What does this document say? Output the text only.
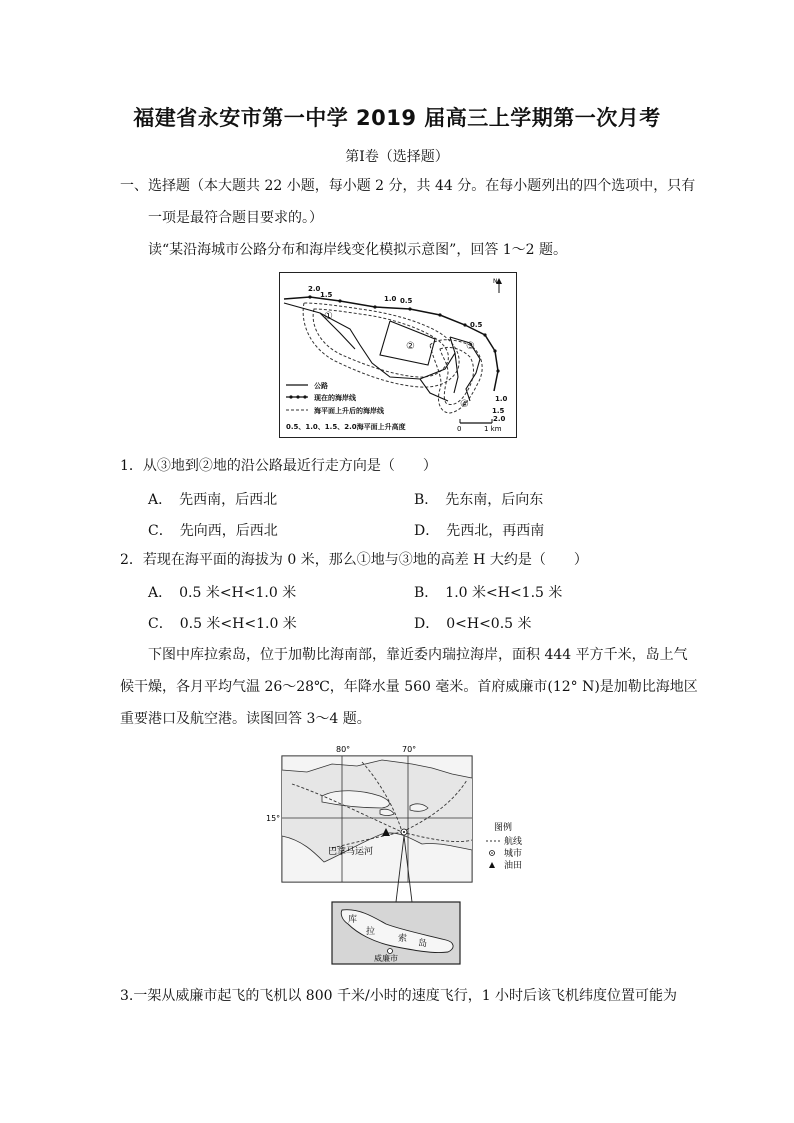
福建省永安市第一中学 2019 届高三上学期第一次月考
第Ⅰ卷（选择题）
一、选择题（本大题共 22 小题，每小题 2 分，共 44 分。在每小题列出的四个选项中，只有
一项是最符合题目要求的。）
读“某沿海城市公路分布和海岸线变化模拟示意图”，回答 1～2 题。
2.0
1.5	1.0 0.5
0.5
1.0
1.5
2.0
①
②	③
④
N
公路
现在的海岸线
海平面上升后的海岸线
0.5、1.0、1.5、2.0海平面上升高度	0	1 km
1．从③地到②地的沿公路最近行走方向是（　　）
A．　先西南，后西北	B．　先东南，后向东
C．　先向西，后西北	D．　先西北，再西南
2．若现在海平面的海拔为 0 米，那么①地与③地的高差 H 大约是（　　）
A．　0.5 米<H<1.0 米	B．　1.0 米<H<1.5 米
C．　0.5 米<H<1.0 米	D．　0<H<0.5 米
下图中库拉索岛，位于加勒比海南部，靠近委内瑞拉海岸，面积 444 平方千米，岛上气
候干燥，各月平均气温 26～28℃，年降水量 560 毫米。首府威廉市(12° N)是加勒比海地区
重要港口及航空港。读图回答 3～4 题。
80°	70°
15°
巴拿马运河
图例
航线
城市
油田
库
拉
索 岛
威廉市
3.一架从威廉市起飞的飞机以 800 千米/小时的速度飞行，1 小时后该飞机纬度位置可能为
